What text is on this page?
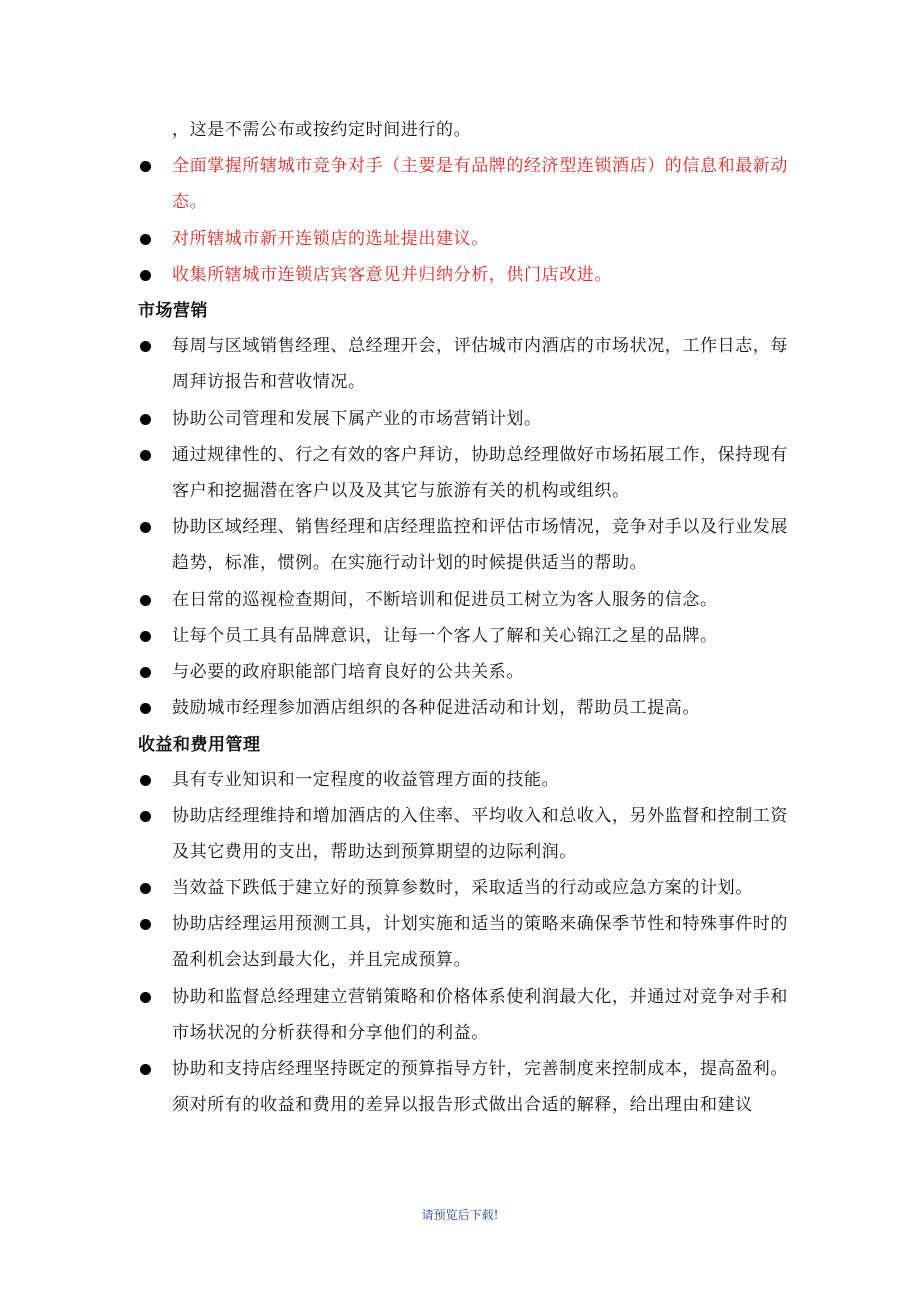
，这是不需公布或按约定时间进行的。
全面掌握所辖城市竞争对手（主要是有品牌的经济型连锁酒店）的信息和最新动态。
对所辖城市新开连锁店的选址提出建议。
收集所辖城市连锁店宾客意见并归纳分析，供门店改进。
市场营销
每周与区域销售经理、总经理开会，评估城市内酒店的市场状况，工作日志，每周拜访报告和营收情况。
协助公司管理和发展下属产业的市场营销计划。
通过规律性的、行之有效的客户拜访，协助总经理做好市场拓展工作，保持现有客户和挖掘潜在客户以及及其它与旅游有关的机构或组织。
协助区域经理、销售经理和店经理监控和评估市场情况，竞争对手以及行业发展趋势，标准，惯例。在实施行动计划的时候提供适当的帮助。
在日常的巡视检查期间，不断培训和促进员工树立为客人服务的信念。
让每个员工具有品牌意识，让每一个客人了解和关心锦江之星的品牌。
与必要的政府职能部门培育良好的公共关系。
鼓励城市经理参加酒店组织的各种促进活动和计划，帮助员工提高。
收益和费用管理
具有专业知识和一定程度的收益管理方面的技能。
协助店经理维持和增加酒店的入住率、平均收入和总收入，另外监督和控制工资及其它费用的支出，帮助达到预算期望的边际利润。
当效益下跌低于建立好的预算参数时，采取适当的行动或应急方案的计划。
协助店经理运用预测工具，计划实施和适当的策略来确保季节性和特殊事件时的盈利机会达到最大化，并且完成预算。
协助和监督总经理建立营销策略和价格体系使利润最大化，并通过对竞争对手和市场状况的分析获得和分享他们的利益。
协助和支持店经理坚持既定的预算指导方针，完善制度来控制成本，提高盈利。须对所有的收益和费用的差异以报告形式做出合适的解释，给出理由和建议
请预览后下载!
